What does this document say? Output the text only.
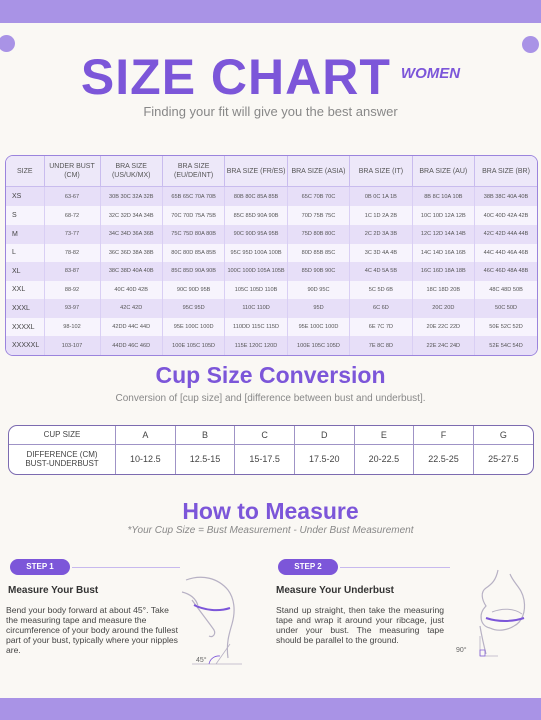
SIZE CHART WOMEN
Finding your fit will give you the best answer
SIZE	UNDER BUST (CM)	BRA SIZE (US/UK/MX)	BRA SIZE (EU/DE/INT)	BRA SIZE (FR/ES)	BRA SIZE (ASIA)	BRA SIZE (IT)	BRA SIZE (AU)	BRA SIZE (BR)
XS	63-67	30B 30C 32A 32B	65B 65C 70A 70B	80B 80C 85A 85B	65C 70B 70C	0B 0C 1A 1B	8B 8C 10A 10B	38B 38C 40A 40B
S	68-72	32C 32D 34A 34B	70C 70D 75A 75B	85C 85D 90A 90B	70D 75B 75C	1C 1D 2A 2B	10C 10D 12A 12B	40C 40D 42A 42B
M	73-77	34C 34D 36A 36B	75C 75D 80A 80B	90C 90D 95A 95B	75D 80B 80C	2C 2D 3A 3B	12C 12D 14A 14B	42C 42D 44A 44B
L	78-82	36C 36D 38A 38B	80C 80D 85A 85B	95C 95D 100A 100B	80D 85B 85C	3C 3D 4A 4B	14C 14D 16A 16B	44C 44D 46A 46B
XL	83-87	38C 38D 40A 40B	85C 85D 90A 90B	100C 100D 105A 105B	85D 90B 90C	4C 4D 5A 5B	16C 16D 18A 18B	46C 46D 48A 48B
XXL	88-92	40C 40D 42B	90C 90D 95B	105C 105D 110B	90D 95C	5C 5D 6B	18C 18D 20B	48C 48D 50B
XXXL	93-97	42C 42D	95C 95D	110C 110D	95D	6C 6D	20C 20D	50C 50D
XXXXL	98-102	42DD 44C 44D	95E 100C 100D	110DD 115C 115D	95E 100C 100D	6E 7C 7D	20E 22C 22D	50E 52C 52D
XXXXXL	103-107	44DD 46C 46D	100E 105C 105D	115E 120C 120D	100E 105C 105D	7E 8C 8D	22E 24C 24D	52E 54C 54D
Cup Size Conversion
Conversion of [cup size] and [difference between bust and underbust].
CUP SIZE	A	B	C	D	E	F	G
DIFFERENCE (CM)
BUST-UNDERBUST	10-12.5	12.5-15	15-17.5	17.5-20	20-22.5	22.5-25	25-27.5
How to Measure
*Your Cup Size = Bust Measurement - Under Bust Measurement
STEP 1
Measure Your Bust
Bend your body forward at about 45°. Take the measuring tape and measure the circumference of your body around the fullest part of your bust, typically where your nipples are.
45°
STEP 2
Measure Your Underbust
Stand up straight, then take the measuring tape and wrap it around your ribcage, just under your bust. The measuring tape should be parallel to the ground.
90°
